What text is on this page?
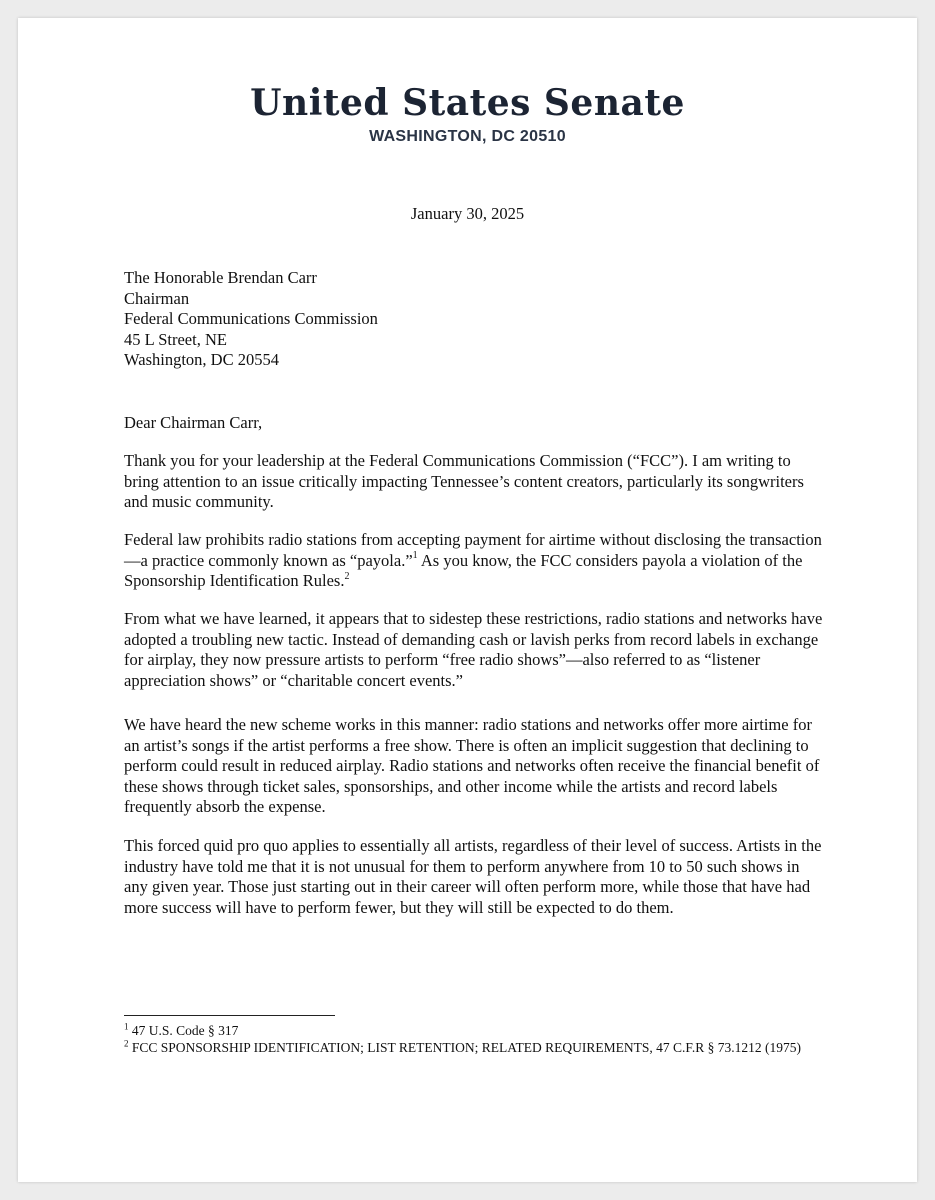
United States Senate
WASHINGTON, DC 20510
January 30, 2025
The Honorable Brendan Carr
Chairman
Federal Communications Commission
45 L Street, NE
Washington, DC 20554
Dear Chairman Carr,
Thank you for your leadership at the Federal Communications Commission (“FCC”). I am writing to bring attention to an issue critically impacting Tennessee’s content creators, particularly its songwriters and music community.
Federal law prohibits radio stations from accepting payment for airtime without disclosing the transaction—a practice commonly known as “payola.”$^1$ As you know, the FCC considers payola a violation of the Sponsorship Identification Rules.$^2$
From what we have learned, it appears that to sidestep these restrictions, radio stations and networks have adopted a troubling new tactic. Instead of demanding cash or lavish perks from record labels in exchange for airplay, they now pressure artists to perform “free radio shows”—also referred to as “listener appreciation shows” or “charitable concert events.”
We have heard the new scheme works in this manner: radio stations and networks offer more airtime for an artist’s songs if the artist performs a free show. There is often an implicit suggestion that declining to perform could result in reduced airplay. Radio stations and networks often receive the financial benefit of these shows through ticket sales, sponsorships, and other income while the artists and record labels frequently absorb the expense.
This forced quid pro quo applies to essentially all artists, regardless of their level of success. Artists in the industry have told me that it is not unusual for them to perform anywhere from 10 to 50 such shows in any given year. Those just starting out in their career will often perform more, while those that have had more success will have to perform fewer, but they will still be expected to do them.
$^1$ 47 U.S. Code § 317
$^2$ FCC SPONSORSHIP IDENTIFICATION; LIST RETENTION; RELATED REQUIREMENTS, 47 C.F.R § 73.1212 (1975)
